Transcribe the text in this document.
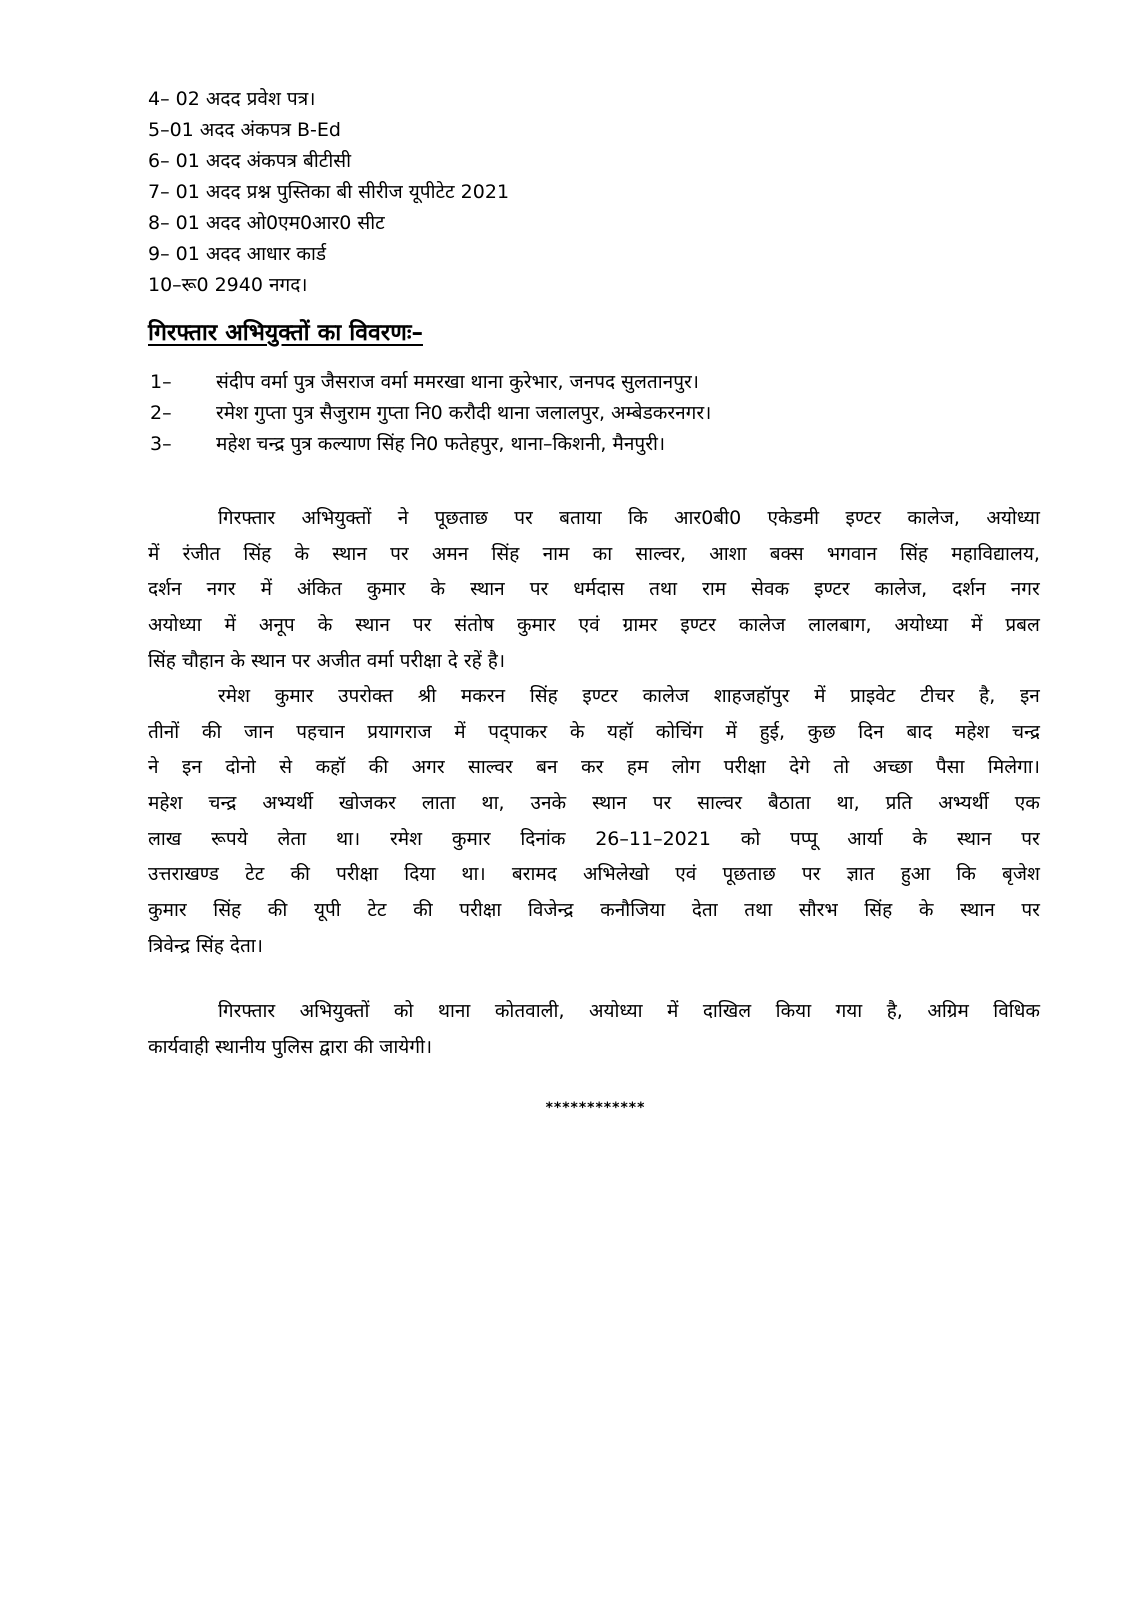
4– 02 अदद प्रवेश पत्र।
5–01 अदद अंकपत्र B-Ed
6– 01 अदद अंकपत्र बीटीसी
7– 01 अदद प्रश्न पुस्तिका बी सीरीज यूपीटेट 2021
8– 01 अदद ओ0एम0आर0 सीट
9– 01 अदद आधार कार्ड
10–रू0 2940 नगद।
गिरफ्तार अभियुक्तों का विवरणः–
1– संदीप वर्मा पुत्र जैसराज वर्मा ममरखा थाना कुरेभार, जनपद सुलतानपुर।
2– रमेश गुप्ता पुत्र सैजुराम गुप्ता नि0 करौदी थाना जलालपुर, अम्बेडकरनगर।
3– महेश चन्द्र पुत्र कल्याण सिंह नि0 फतेहपुर, थाना–किशनी, मैनपुरी।
गिरफ्तार अभियुक्तों ने पूछताछ पर बताया कि आर0बी0 एकेडमी इण्टर कालेज, अयोध्या
में रंजीत सिंह के स्थान पर अमन सिंह नाम का साल्वर, आशा बक्स भगवान सिंह महाविद्यालय,
दर्शन नगर में अंकित कुमार के स्थान पर धर्मदास तथा राम सेवक इण्टर कालेज, दर्शन नगर
अयोध्या में अनूप के स्थान पर संतोष कुमार एवं ग्रामर इण्टर कालेज लालबाग, अयोध्या में प्रबल
सिंह चौहान के स्थान पर अजीत वर्मा परीक्षा दे रहें है।
रमेश कुमार उपरोक्त श्री मकरन सिंह इण्टर कालेज शाहजहॉपुर में प्राइवेट टीचर है, इन
तीनों की जान पहचान प्रयागराज में पद्पाकर के यहॉ कोचिंग में हुई, कुछ दिन बाद महेश चन्द्र
ने इन दोनो से कहॉ की अगर साल्वर बन कर हम लोग परीक्षा देगे तो अच्छा पैसा मिलेगा।
महेश चन्द्र अभ्यर्थी खोजकर लाता था, उनके स्थान पर साल्वर बैठाता था, प्रति अभ्यर्थी एक
लाख रूपये लेता था। रमेश कुमार दिनांक 26–11–2021 को पप्पू आर्या के स्थान पर
उत्तराखण्ड टेट की परीक्षा दिया था। बरामद अभिलेखो एवं पूछताछ पर ज्ञात हुआ कि बृजेश
कुमार सिंह की यूपी टेट की परीक्षा विजेन्द्र कनौजिया देता तथा सौरभ सिंह के स्थान पर
त्रिवेन्द्र सिंह देता।
गिरफ्तार अभियुक्तों को थाना कोतवाली, अयोध्या में दाखिल किया गया है, अग्रिम विधिक
कार्यवाही स्थानीय पुलिस द्वारा की जायेगी।
************
